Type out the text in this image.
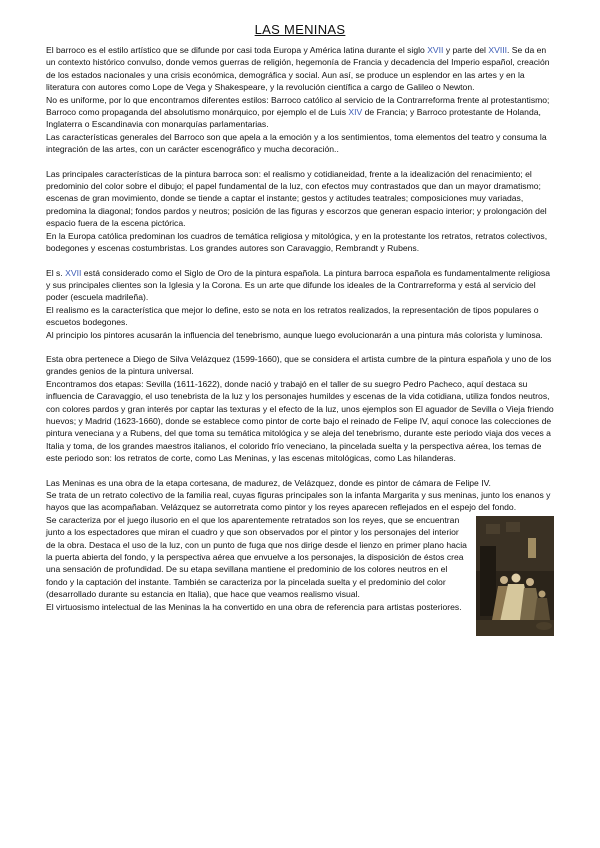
LAS MENINAS

El barroco es el estilo artístico que se difunde por casi toda Europa y América latina durante el siglo XVII y parte del XVIII. Se da en un contexto histórico convulso, donde vemos guerras de religión, hegemonía de Francia y decadencia del Imperio español, creación de los estados nacionales y una crisis económica, demográfica y social. Aun así, se produce un esplendor en las artes y en la literatura con autores como Lope de Vega y Shakespeare, y la revolución científica a cargo de Galileo o Newton.

No es uniforme, por lo que encontramos diferentes estilos: Barroco católico al servicio de la Contrarreforma frente al protestantismo; Barroco como propaganda del absolutismo monárquico, por ejemplo el de Luis XIV de Francia; y Barroco protestante de Holanda, Inglaterra o Escandinavia con monarquías parlamentarias.

Las características generales del Barroco son que apela a la emoción y a los sentimientos, toma elementos del teatro y consuma la integración de las artes, con un carácter escenográfico y mucha decoración..

Las principales características de la pintura barroca son: el realismo y cotidianeidad, frente a la idealización del renacimiento; el predominio del color sobre el dibujo; el papel fundamental de la luz, con efectos muy contrastados que dan un mayor dramatismo; escenas de gran movimiento, donde se tiende a captar el instante; gestos y actitudes teatrales; composiciones muy variadas, predomina la diagonal; fondos pardos y neutros; posición de las figuras y escorzos que generan espacio interior; y prolongación del espacio fuera de la escena pictórica.

En la Europa católica predominan los cuadros de temática religiosa y mitológica, y en la protestante los retratos, retratos colectivos, bodegones y escenas costumbristas. Los grandes autores son Caravaggio, Rembrandt y Rubens.

El s. XVII está considerado como el Siglo de Oro de la pintura española. La pintura barroca española es fundamentalmente religiosa y sus principales clientes son la Iglesia y la Corona. Es un arte que difunde los ideales de la Contrarreforma y está al servicio del poder (escuela madrileña).

El realismo es la característica que mejor lo define, esto se nota en los retratos realizados, la representación de tipos populares o escuetos bodegones.

Al principio los pintores acusarán la influencia del tenebrismo, aunque luego evolucionarán a una pintura más colorista y luminosa.

Esta obra pertenece a Diego de Silva Velázquez (1599-1660), que se considera el artista cumbre de la pintura española y uno de los grandes genios de la pintura universal.

Encontramos dos etapas: Sevilla (1611-1622), donde nació y trabajó en el taller de su suegro Pedro Pacheco, aquí destaca su influencia de Caravaggio, el uso tenebrista de la luz y los personajes humildes y escenas de la vida cotidiana, utiliza fondos neutros, con colores pardos y gran interés por captar las texturas y el efecto de la luz, unos ejemplos son El aguador de Sevilla o Vieja friendo huevos; y Madrid (1623-1660), donde se establece como pintor de corte bajo el reinado de Felipe IV, aquí conoce las colecciones de pintura veneciana y a Rubens, del que toma su temática mitológica y se aleja del tenebrismo, durante este periodo viaja dos veces a Italia y toma, de los grandes maestros italianos, el colorido frío veneciano, la pincelada suelta y la perspectiva aérea, los temas de este periodo son: los retratos de corte, como Las Meninas, y las escenas mitológicas, como Las hilanderas.

Las Meninas es una obra de la etapa cortesana, de madurez, de Velázquez, donde es pintor de cámara de Felipe IV.

Se trata de un retrato colectivo de la familia real, cuyas figuras principales son la infanta Margarita y sus meninas, junto los enanos y hayos que las acompañaban. Velázquez se autorretrata como pintor y los reyes aparecen reflejados en el espejo del fondo.

Se caracteriza por el juego ilusorio en el que los aparentemente retratados son los reyes, que se encuentran junto a los espectadores que miran el cuadro y que son observados por el pintor y los personajes del interior de la obra. Destaca el uso de la luz, con un punto de fuga que nos dirige desde el lienzo en primer plano hacia la puerta abierta del fondo, y la perspectiva aérea que envuelve a los personajes, la disposición de éstos crea una sensación de profundidad. De su etapa sevillana mantiene el predominio de los colores neutros en el fondo y la captación del instante. También se caracteriza por la pincelada suelta y el predominio del color (desarrollado durante su estancia en Italia), que hace que veamos realismo visual.

El virtuosismo intelectual de las Meninas la ha convertido en una obra de referencia para artistas posteriores.
